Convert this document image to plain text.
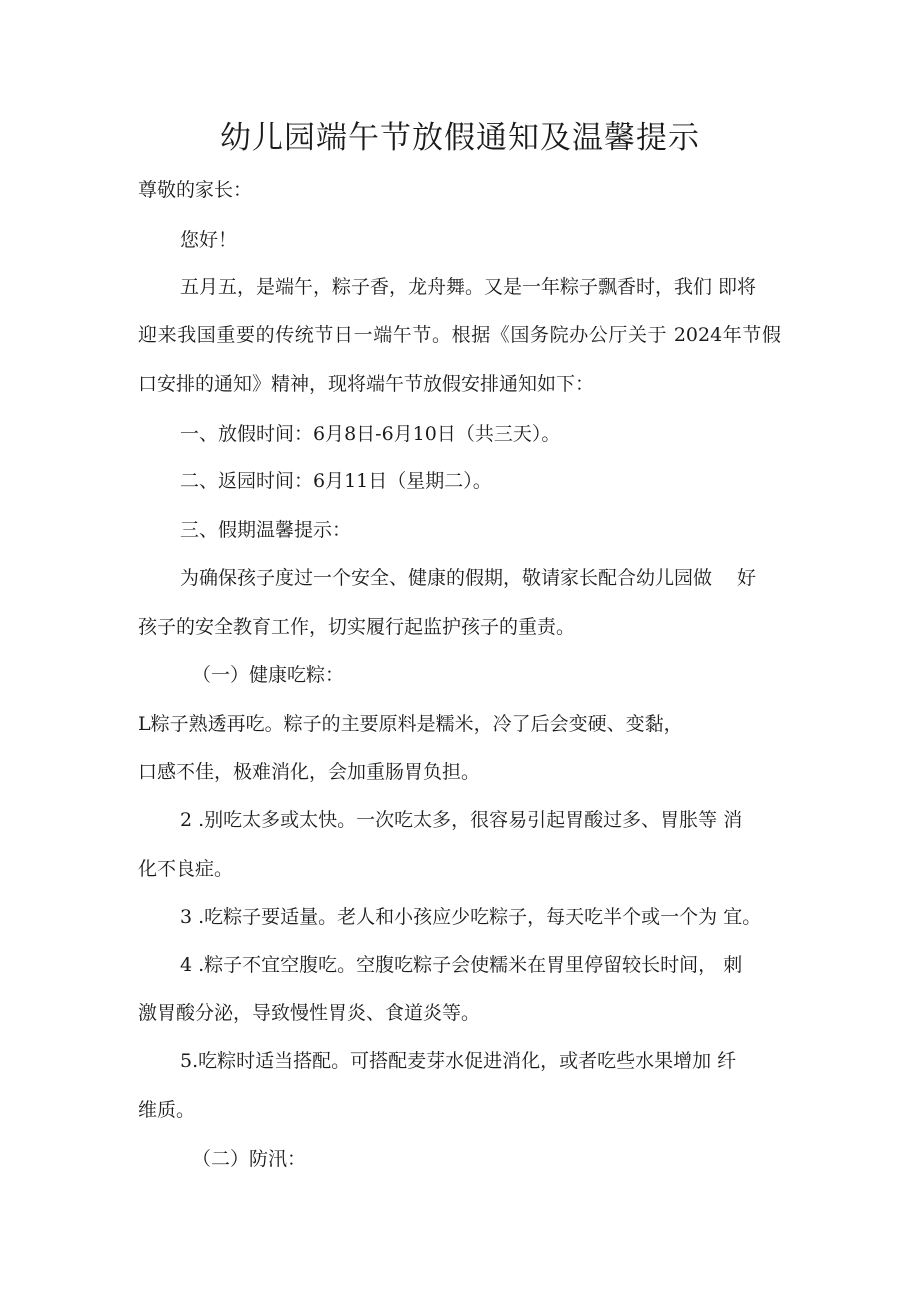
幼儿园端午节放假通知及温馨提示

尊敬的家长：

您好！

五月五，是端午，粽子香，龙舟舞。又是一年粽子飘香时，我们 即将

迎来我国重要的传统节日一端午节。根据《国务院办公厅关于 2024年节假

口安排的通知》精神，现将端午节放假安排通知如下：

一、放假时间：6月8日-6月10日（共三天）。

二、返园时间：6月11日（星期二）。

三、假期温馨提示：

为确保孩子度过一个安全、健康的假期，敬请家长配合幼儿园做　 好

孩子的安全教育工作，切实履行起监护孩子的重责。

（一）健康吃粽：

L粽子熟透再吃。粽子的主要原料是糯米，冷了后会变硬、变黏，

口感不佳，极难消化，会加重肠胃负担。

2 .别吃太多或太快。一次吃太多，很容易引起胃酸过多、胃胀等 消

化不良症。

3 .吃粽子要适量。老人和小孩应少吃粽子，每天吃半个或一个为 宜。

4 .粽子不宜空腹吃。空腹吃粽子会使糯米在胃里停留较长时间， 刺

激胃酸分泌，导致慢性胃炎、食道炎等。

5.吃粽时适当搭配。可搭配麦芽水促进消化，或者吃些水果增加 纤

维质。

（二）防汛：
